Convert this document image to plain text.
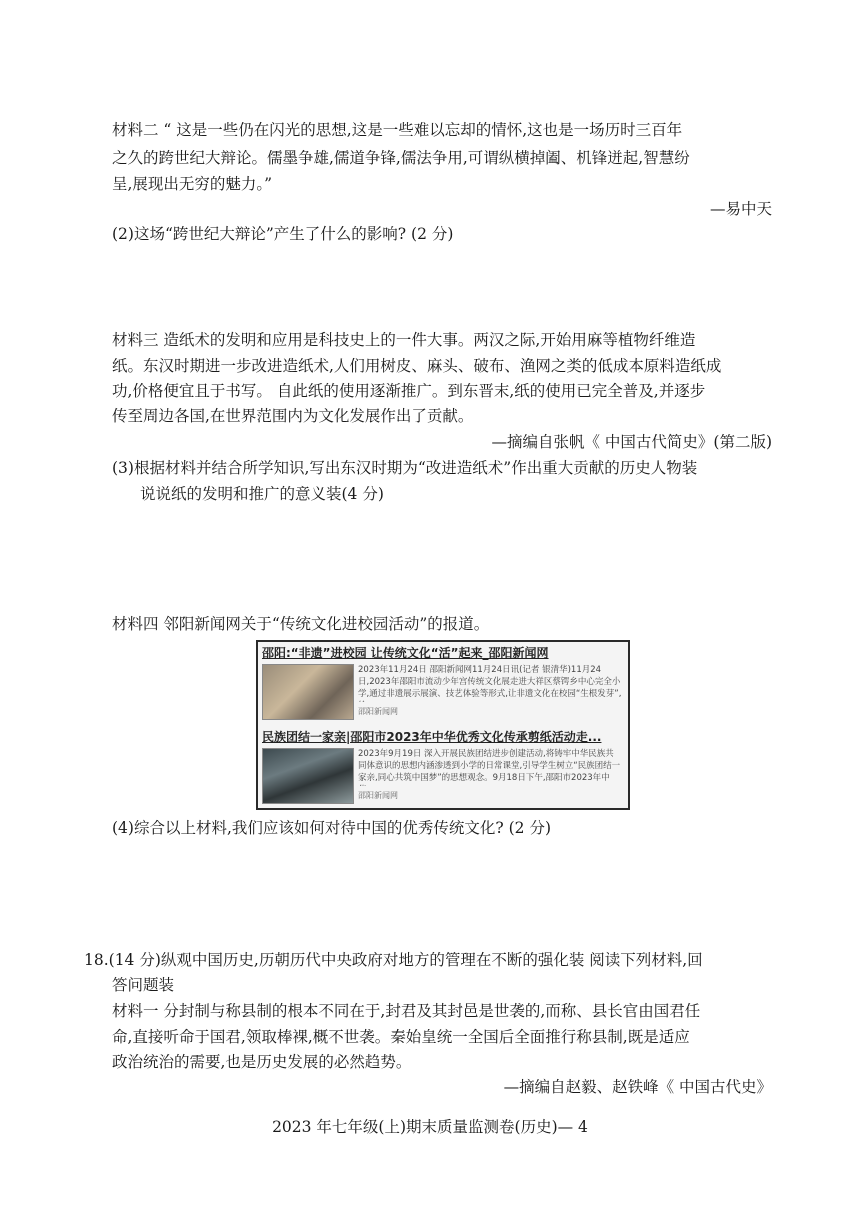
材料二 “ 这是一些仍在闪光的思想,这是一些难以忘却的情怀,这也是一场历时三百年
之久的跨世纪大辩论。儒墨争雄,儒道争锋,儒法争用,可谓纵横掉阖、机锋迸起,智慧纷
呈,展现出无穷的魅力。”
—易中天
(2)这场“跨世纪大辩论”产生了什么的影响? (2 分)
材料三 造纸术的发明和应用是科技史上的一件大事。两汉之际,开始用麻等植物纤维造
纸。东汉时期进一步改进造纸术,人们用树皮、麻头、破布、渔网之类的低成本原料造纸成
功,价格便宜且于书写。 自此纸的使用逐渐推广。到东晋末,纸的使用已完全普及,并逐步
传至周边各国,在世界范围内为文化发展作出了贡献。
—摘编自张帆《 中国古代简史》(第二版)
(3)根据材料并结合所学知识,写出东汉时期为“改进造纸术”作出重大贡献的历史人物装
说说纸的发明和推广的意义装(4 分)
材料四 邻阳新闻网关于“传统文化进校园活动”的报道。
邵阳:“非遗”进校园 让传统文化“活”起来_邵阳新闻网
2023年11月24日 邵阳新闻网11月24日讯(记者 银清华)11月24日,2023年邵阳市流动少年宫传统文化展走进大祥区蔡锷乡中心完全小学,通过非遗展示展演、技艺体验等形式,让非遗文化在校园“生根发芽”,
邵阳新闻网
民族团结一家亲|邵阳市2023年中华优秀文化传承剪纸活动走...
2023年9月19日 深入开展民族团结进步创建活动,将铸牢中华民族共同体意识的思想内涵渗透到小学的日常课堂,引导学生树立“民族团结一家亲,同心共筑中国梦”的思想观念。9月18日下午,邵阳市2023年中
邵阳新闻网
(4)综合以上材料,我们应该如何对待中国的优秀传统文化? (2 分)
18.(14 分)纵观中国历史,历朝历代中央政府对地方的管理在不断的强化装 阅读下列材料,回
答问题装
材料一 分封制与称县制的根本不同在于,封君及其封邑是世袭的,而称、县长官由国君任
命,直接听命于国君,领取棒裸,概不世袭。秦始皇统一全国后全面推行称县制,既是适应
政治统治的需要,也是历史发展的必然趋势。
—摘编自赵毅、赵铁峰《 中国古代史》
2023 年七年级(上)期末质量监测卷(历史)— 4
